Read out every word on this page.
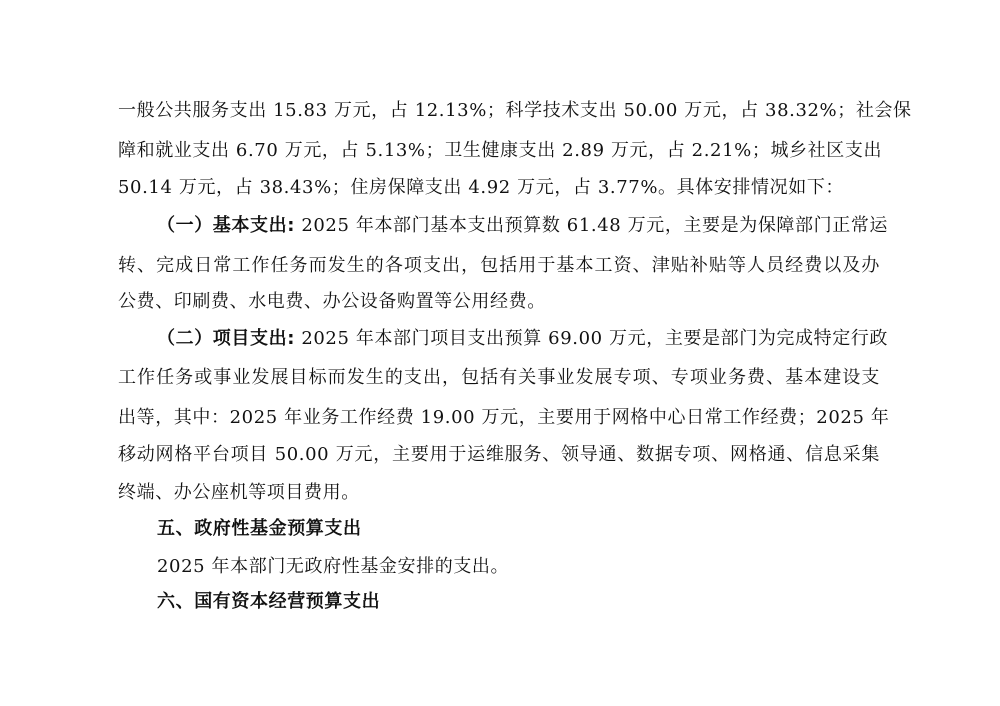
一般公共服务支出 15.83 万元，占 12.13%；科学技术支出 50.00 万元，占 38.32%；社会保
障和就业支出 6.70 万元，占 5.13%；卫生健康支出 2.89 万元，占 2.21%；城乡社区支出
50.14 万元，占 38.43%；住房保障支出 4.92 万元，占 3.77%。具体安排情况如下：
（一）基本支出: 2025 年本部门基本支出预算数 61.48 万元，主要是为保障部门正常运
转、完成日常工作任务而发生的各项支出，包括用于基本工资、津贴补贴等人员经费以及办
公费、印刷费、水电费、办公设备购置等公用经费。
（二）项目支出: 2025 年本部门项目支出预算 69.00 万元，主要是部门为完成特定行政
工作任务或事业发展目标而发生的支出，包括有关事业发展专项、专项业务费、基本建设支
出等，其中：2025 年业务工作经费 19.00 万元，主要用于网格中心日常工作经费；2025 年
移动网格平台项目 50.00 万元，主要用于运维服务、领导通、数据专项、网格通、信息采集
终端、办公座机等项目费用。
五、政府性基金预算支出
2025 年本部门无政府性基金安排的支出。
六、国有资本经营预算支出
